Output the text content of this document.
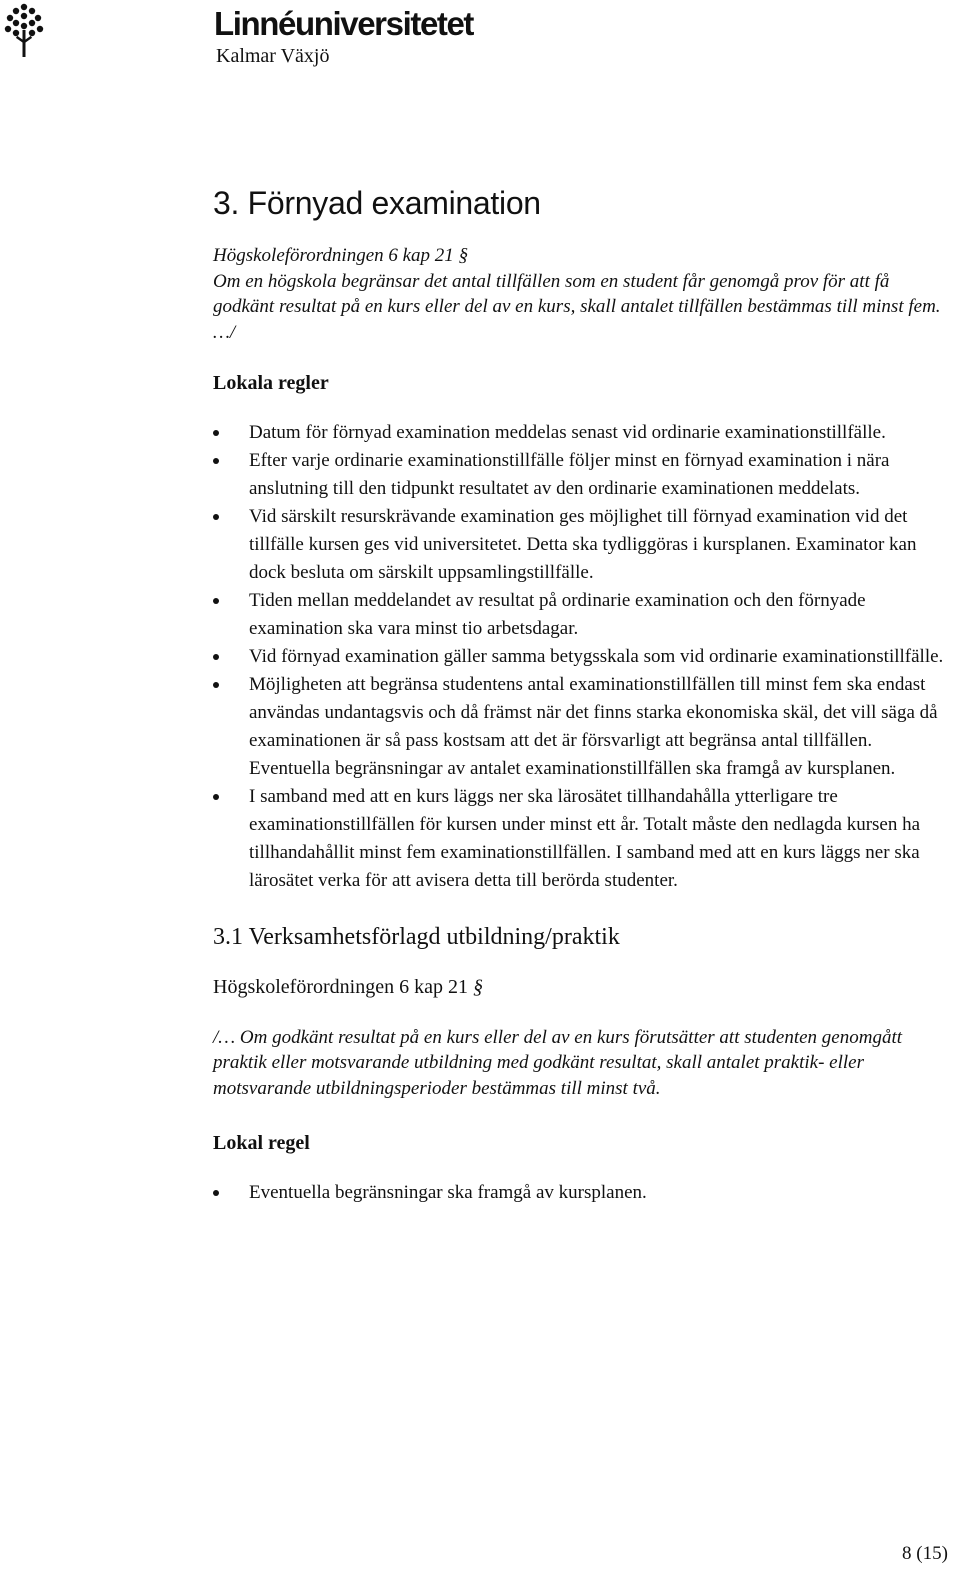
Linnéuniversitetet
Kalmar Växjö
3. Förnyad examination

Högskoleförordningen 6 kap 21 §

Om en högskola begränsar det antal tillfällen som en student får genomgå prov för att få godkänt resultat på en kurs eller del av en kurs, skall antalet tillfällen bestämmas till minst fem. …/

Lokala regler
Datum för förnyad examination meddelas senast vid ordinarie examinationstillfälle.
Efter varje ordinarie examinationstillfälle följer minst en förnyad examination i nära anslutning till den tidpunkt resultatet av den ordinarie examinationen meddelats.
Vid särskilt resurskrävande examination ges möjlighet till förnyad examination vid det tillfälle kursen ges vid universitetet. Detta ska tydliggöras i kursplanen. Examinator kan dock besluta om särskilt uppsamlingstillfälle.
Tiden mellan meddelandet av resultat på ordinarie examination och den förnyade examination ska vara minst tio arbetsdagar.
Vid förnyad examination gäller samma betygsskala som vid ordinarie examinationstillfälle.
Möjligheten att begränsa studentens antal examinationstillfällen till minst fem ska endast användas undantagsvis och då främst när det finns starka ekonomiska skäl, det vill säga då examinationen är så pass kostsam att det är försvarligt att begränsa antal tillfällen. Eventuella begränsningar av antalet examinationstillfällen ska framgå av kursplanen.
I samband med att en kurs läggs ner ska lärosätet tillhandahålla ytterligare tre examinationstillfällen för kursen under minst ett år. Totalt måste den nedlagda kursen ha tillhandahållit minst fem examinationstillfällen. I samband med att en kurs läggs ner ska lärosätet verka för att avisera detta till berörda studenter.
3.1 Verksamhetsförlagd utbildning/praktik

Högskoleförordningen 6 kap 21 §

/… Om godkänt resultat på en kurs eller del av en kurs förutsätter att studenten genomgått praktik eller motsvarande utbildning med godkänt resultat, skall antalet praktik- eller motsvarande utbildningsperioder bestämmas till minst två.

Lokal regel
Eventuella begränsningar ska framgå av kursplanen.
8 (15)
